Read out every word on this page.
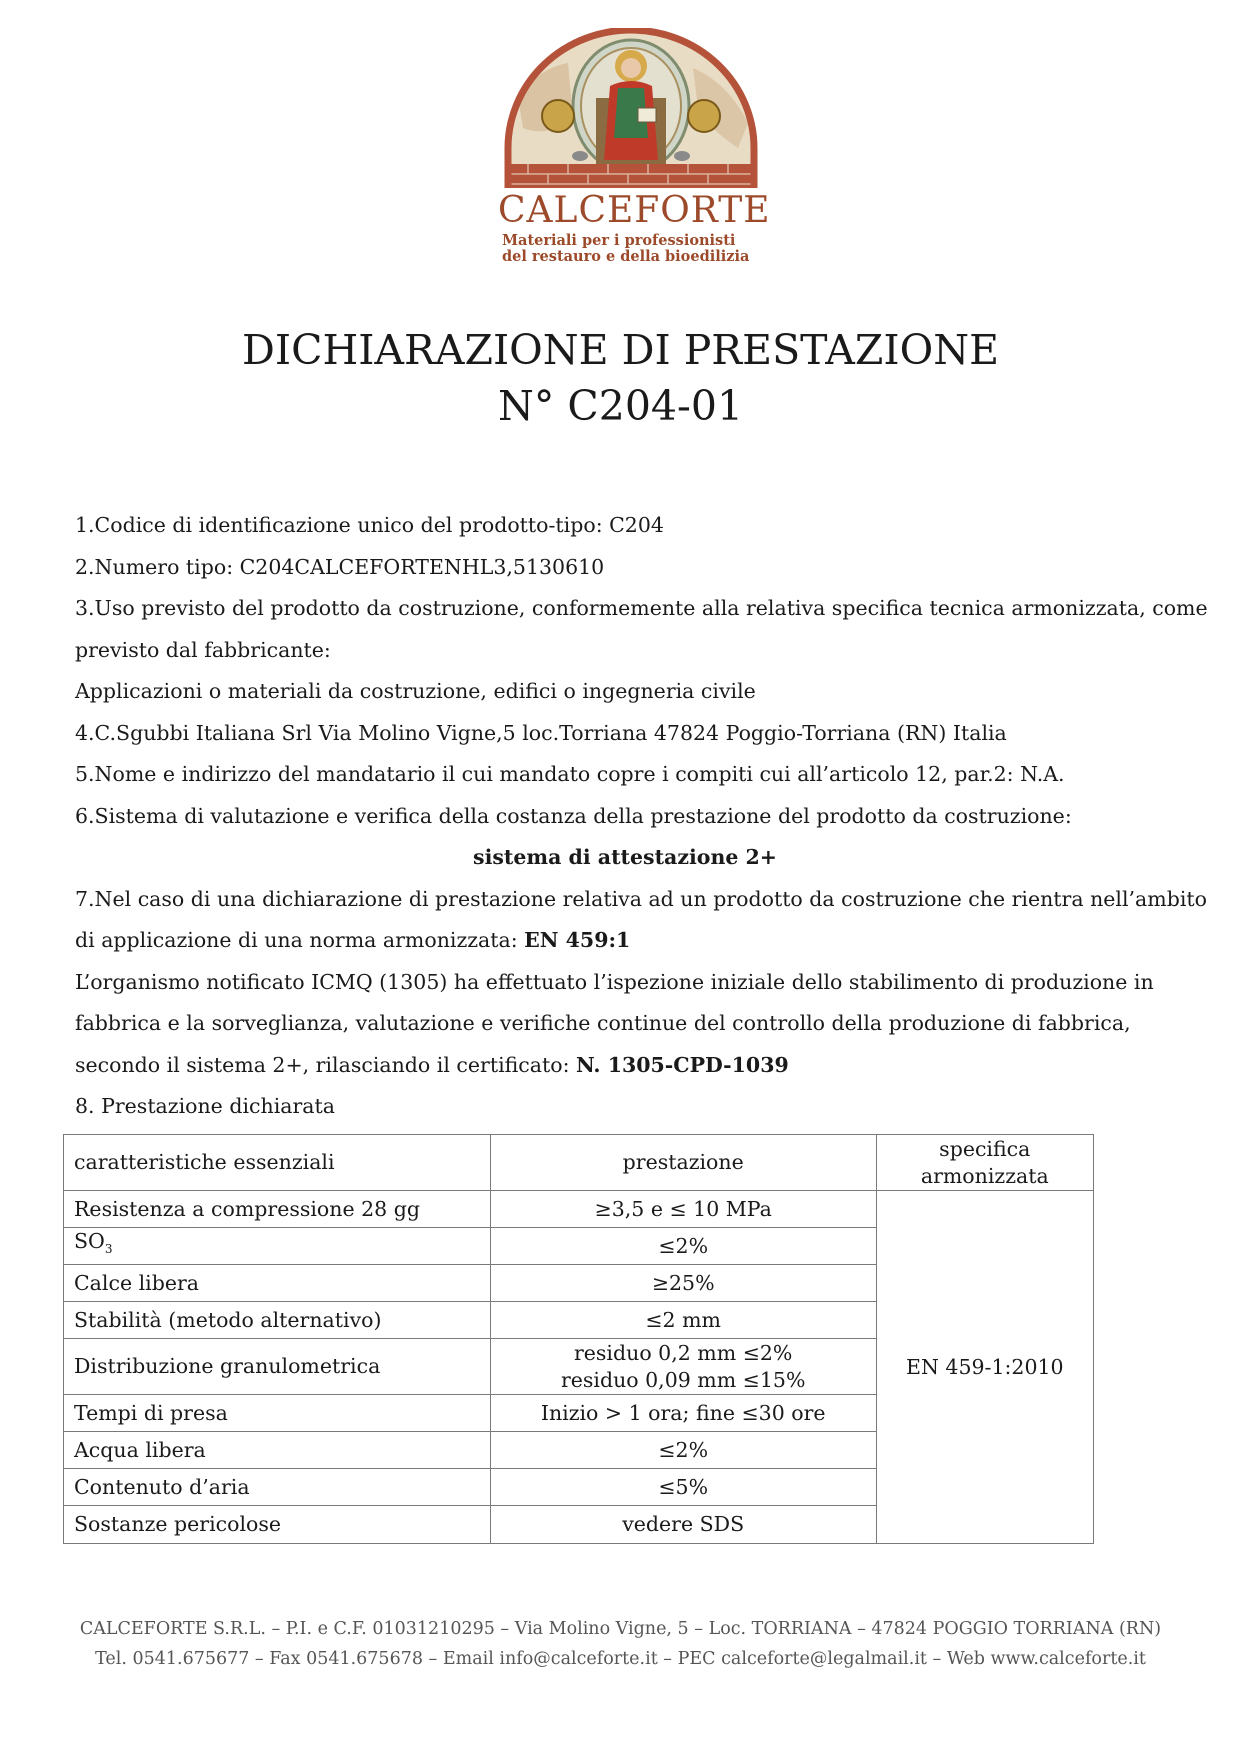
CALCEFORTE
Materiali per i professionisti
del restauro e della bioedilizia
DICHIARAZIONE DI PRESTAZIONE
N° C204-01

1.Codice di identificazione unico del prodotto-tipo: C204

2.Numero tipo: C204CALCEFORTENHL3,5130610

3.Uso previsto del prodotto da costruzione, conformemente alla relativa specifica tecnica armonizzata, come

previsto dal fabbricante:

Applicazioni o materiali da costruzione, edifici o ingegneria civile

4.C.Sgubbi Italiana Srl Via Molino Vigne,5 loc.Torriana 47824 Poggio-Torriana (RN) Italia

5.Nome e indirizzo del mandatario il cui mandato copre i compiti cui all’articolo 12, par.2: N.A.

6.Sistema di valutazione e verifica della costanza della prestazione del prodotto da costruzione:

sistema di attestazione 2+

7.Nel caso di una dichiarazione di prestazione relativa ad un prodotto da costruzione che rientra nell’ambito

di applicazione di una norma armonizzata: EN 459:1

L’organismo notificato ICMQ (1305) ha effettuato l’ispezione iniziale dello stabilimento di produzione in

fabbrica e la sorveglianza, valutazione e verifiche continue del controllo della produzione di fabbrica,

secondo il sistema 2+, rilasciando il certificato: N. 1305-CPD-1039

8. Prestazione dichiarata

caratteristiche essenziali	prestazione	specifica
armonizzata

Resistenza a compressione 28 gg	≥3,5 e ≤ 10 MPa	EN 459-1:2010
$SO_3$	≤2%	
Calce libera	≥25%	
Stabilità (metodo alternativo)	≤2 mm	
Distribuzione granulometrica	residuo 0,2 mm ≤2%
residuo 0,09 mm ≤15%	

Tempi di presa	Inizio > 1 ora; fine ≤30 ore	
Acqua libera	≤2%	
Contenuto d’aria	≤5%	
Sostanze pericolose	vedere SDS	
CALCEFORTE S.R.L. – P.I. e C.F. 01031210295 – Via Molino Vigne, 5 – Loc. TORRIANA – 47824 POGGIO TORRIANA (RN)
Tel. 0541.675677 – Fax 0541.675678 – Email info@calceforte.it – PEC calceforte@legalmail.it – Web www.calceforte.it
